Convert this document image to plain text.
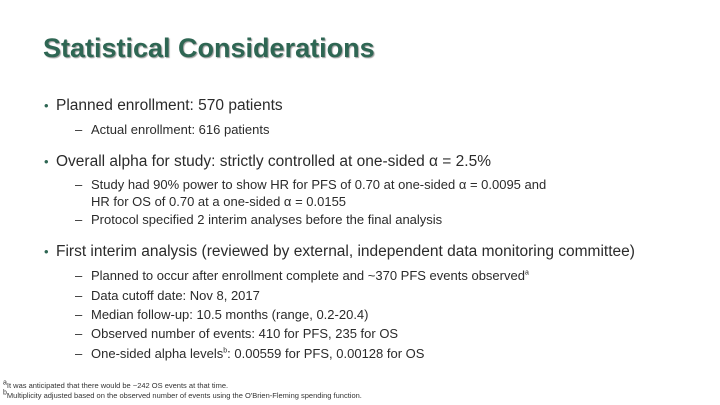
Statistical Considerations
• Planned enrollment: 570 patients
– Actual enrollment: 616 patients
• Overall alpha for study: strictly controlled at one-sided α = 2.5%
– Study had 90% power to show HR for PFS of 0.70 at one-sided α = 0.0095 and
HR for OS of 0.70 at a one-sided α = 0.0155
– Protocol specified 2 interim analyses before the final analysis
• First interim analysis (reviewed by external, independent data monitoring committee)
– Planned to occur after enrollment complete and ~370 PFS events observed$^a$
– Data cutoff date: Nov 8, 2017
– Median follow-up: 10.5 months (range, 0.2-20.4)
– Observed number of events: 410 for PFS, 235 for OS
– One-sided alpha levels$^b$: 0.00559 for PFS, 0.00128 for OS
$^a$It was anticipated that there would be ~242 OS events at that time.
$^b$Multiplicity adjusted based on the observed number of events using the O'Brien-Fleming spending function.
